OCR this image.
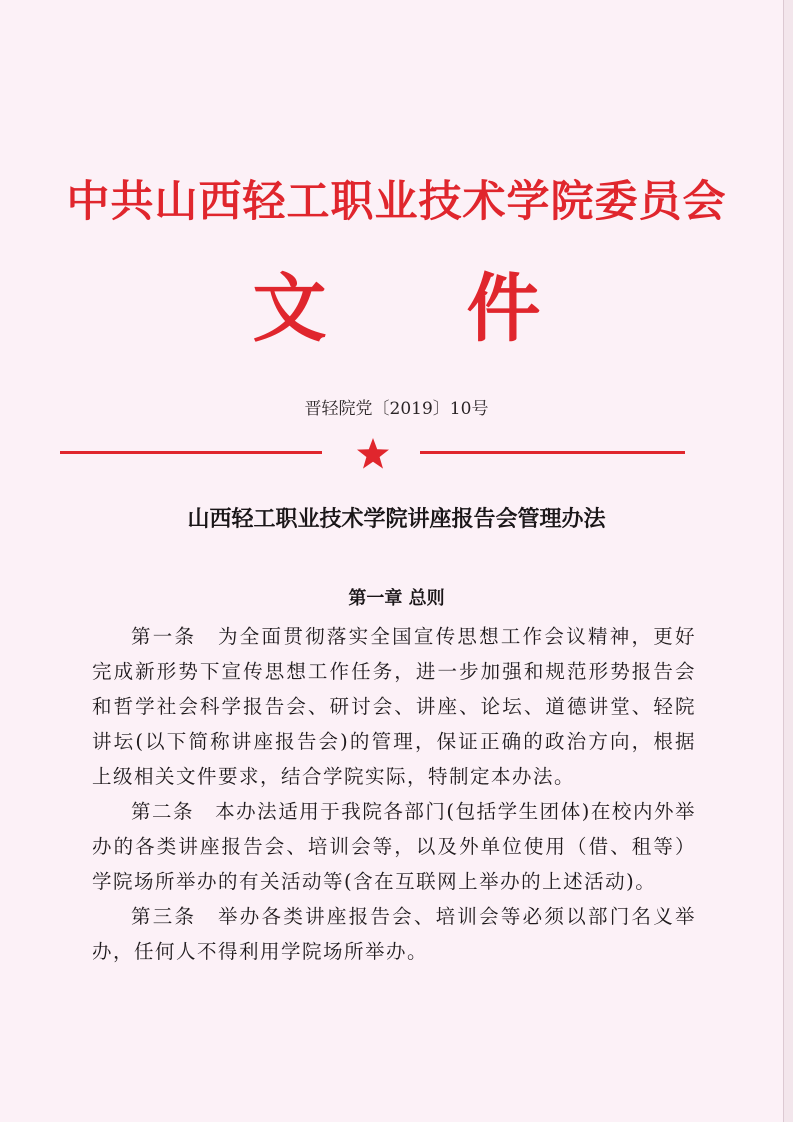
中共山西轻工职业技术学院委员会
文 件
晋轻院党〔2019〕10号
山西轻工职业技术学院讲座报告会管理办法
第一章 总则

第一条　为全面贯彻落实全国宣传思想工作会议精神，更好完成新形势下宣传思想工作任务，进一步加强和规范形势报告会和哲学社会科学报告会、研讨会、讲座、论坛、道德讲堂、轻院讲坛(以下简称讲座报告会)的管理，保证正确的政治方向，根据上级相关文件要求，结合学院实际，特制定本办法。

第二条　本办法适用于我院各部门(包括学生团体)在校内外举办的各类讲座报告会、培训会等，以及外单位使用（借、租等）学院场所举办的有关活动等(含在互联网上举办的上述活动)。

第三条　举办各类讲座报告会、培训会等必须以部门名义举办，任何人不得利用学院场所举办。
